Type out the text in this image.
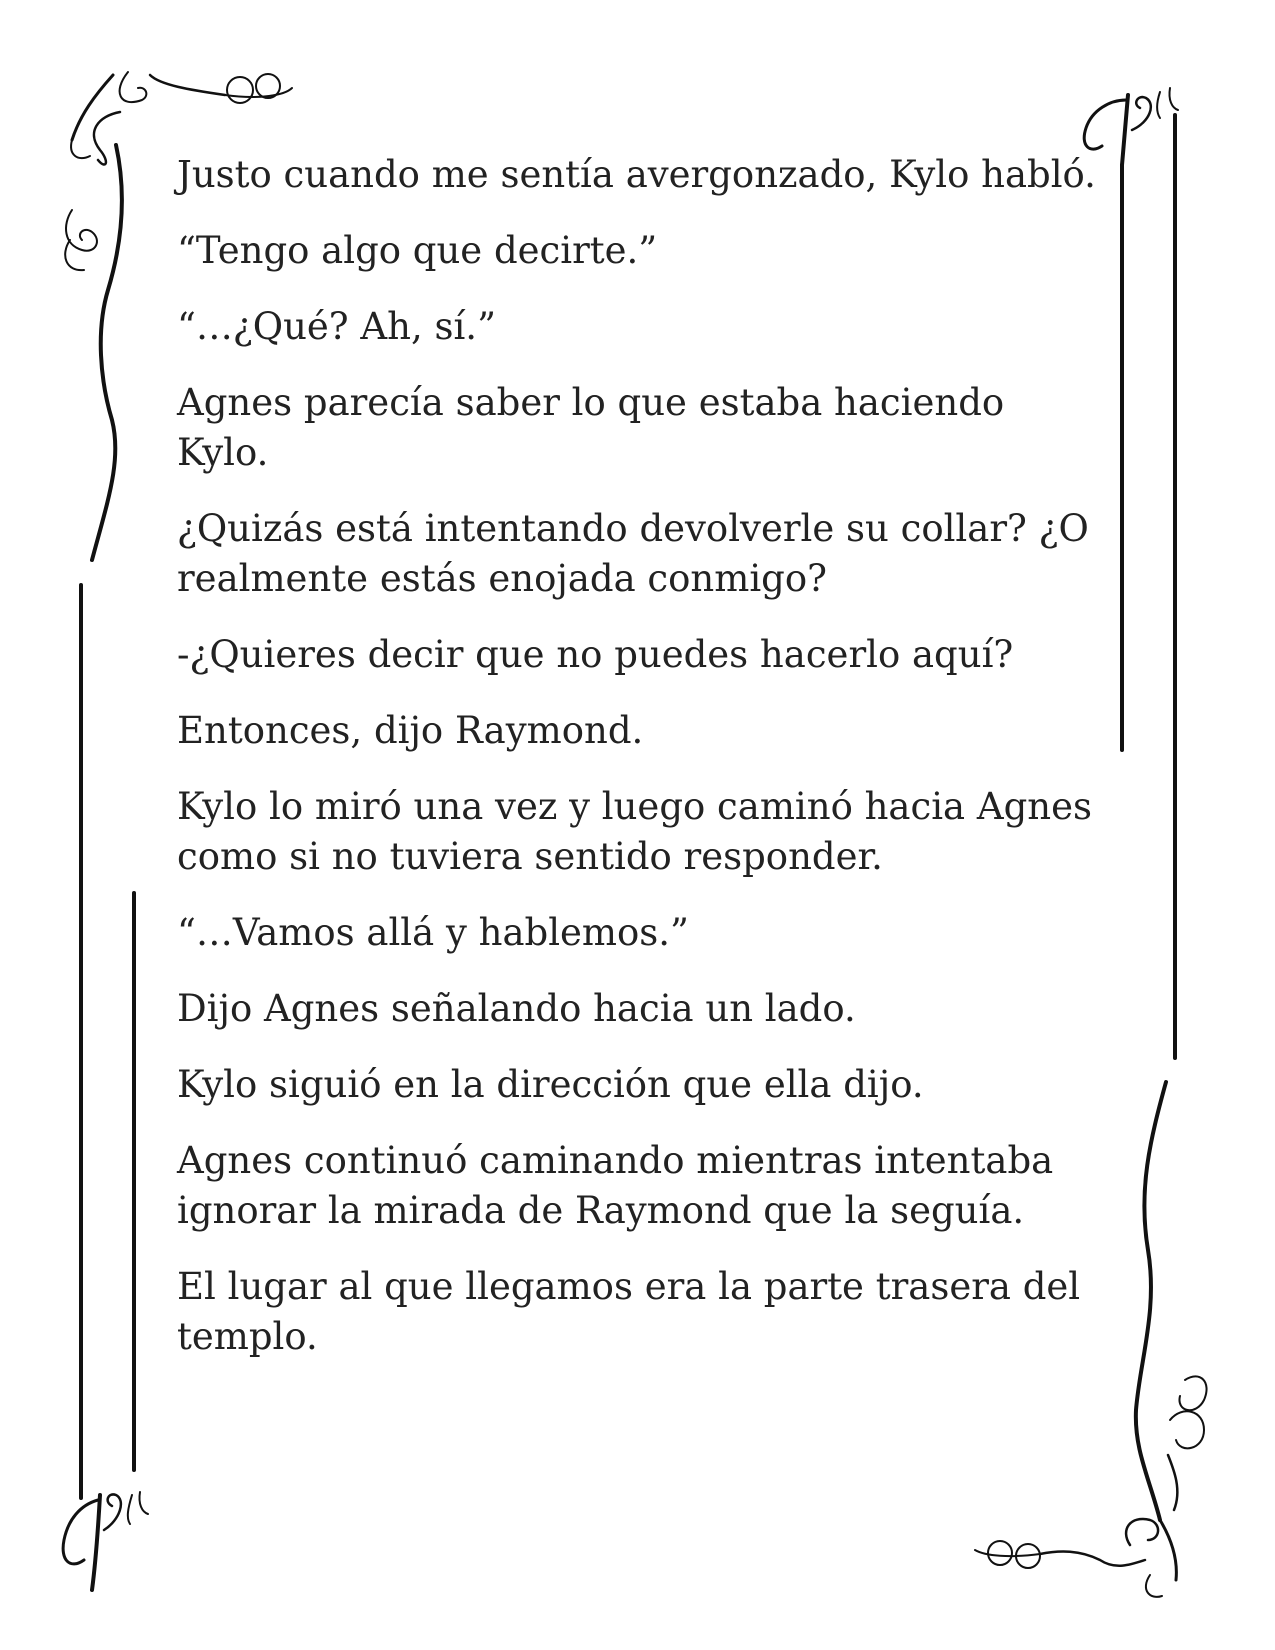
Justo cuando me sentía avergonzado, Kylo habló.

“Tengo algo que decirte.”

“…¿Qué? Ah, sí.”

Agnes parecía saber lo que estaba haciendo Kylo.

¿Quizás está intentando devolverle su collar? ¿O realmente estás enojada conmigo?

-¿Quieres decir que no puedes hacerlo aquí?

Entonces, dijo Raymond.

Kylo lo miró una vez y luego caminó hacia Agnes como si no tuviera sentido responder.

“…Vamos allá y hablemos.”

Dijo Agnes señalando hacia un lado.

Kylo siguió en la dirección que ella dijo.

Agnes continuó caminando mientras intentaba ignorar la mirada de Raymond que la seguía.

El lugar al que llegamos era la parte trasera del templo.
